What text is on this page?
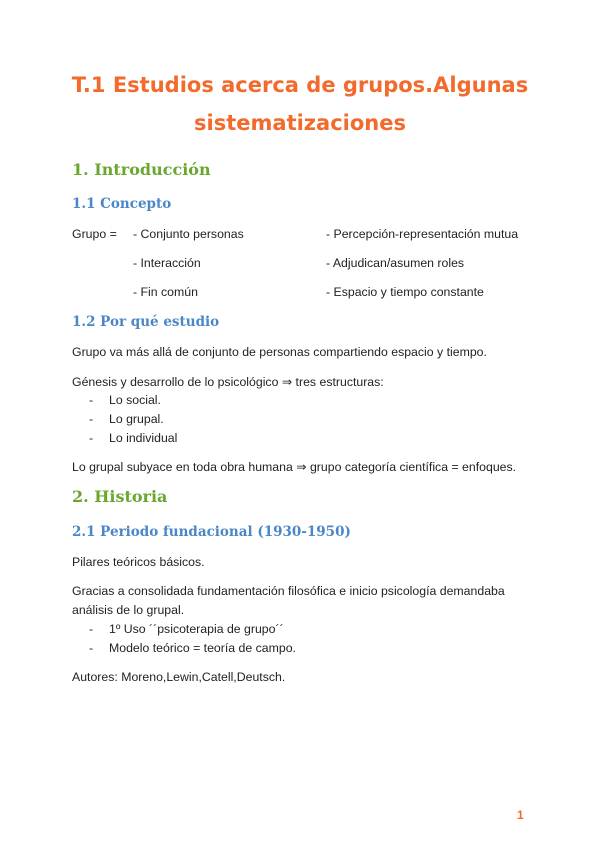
T.1 Estudios acerca de grupos.Algunas sistematizaciones
1. Introducción
1.1 Concepto
Grupo = - Conjunto personas	- Percepción-representación mutua
- Interacción	- Adjudican/asumen roles
- Fin común	- Espacio y tiempo constante
1.2 Por qué estudio

Grupo va más allá de conjunto de personas compartiendo espacio y tiempo.

Génesis y desarrollo de lo psicológico ⇒ tres estructuras:

- Lo social.
- Lo grupal.
- Lo individual

Lo grupal subyace en toda obra humana ⇒ grupo categoría científica = enfoques.

2. Historia
2.1 Periodo fundacional (1930-1950)

Pilares teóricos básicos.

Gracias a consolidada fundamentación filosófica e inicio psicología demandaba análisis de lo grupal.

- 1º Uso ´´psicoterapia de grupo´´
- Modelo teórico = teoría de campo.

Autores: Moreno,Lewin,Catell,Deutsch.

1
